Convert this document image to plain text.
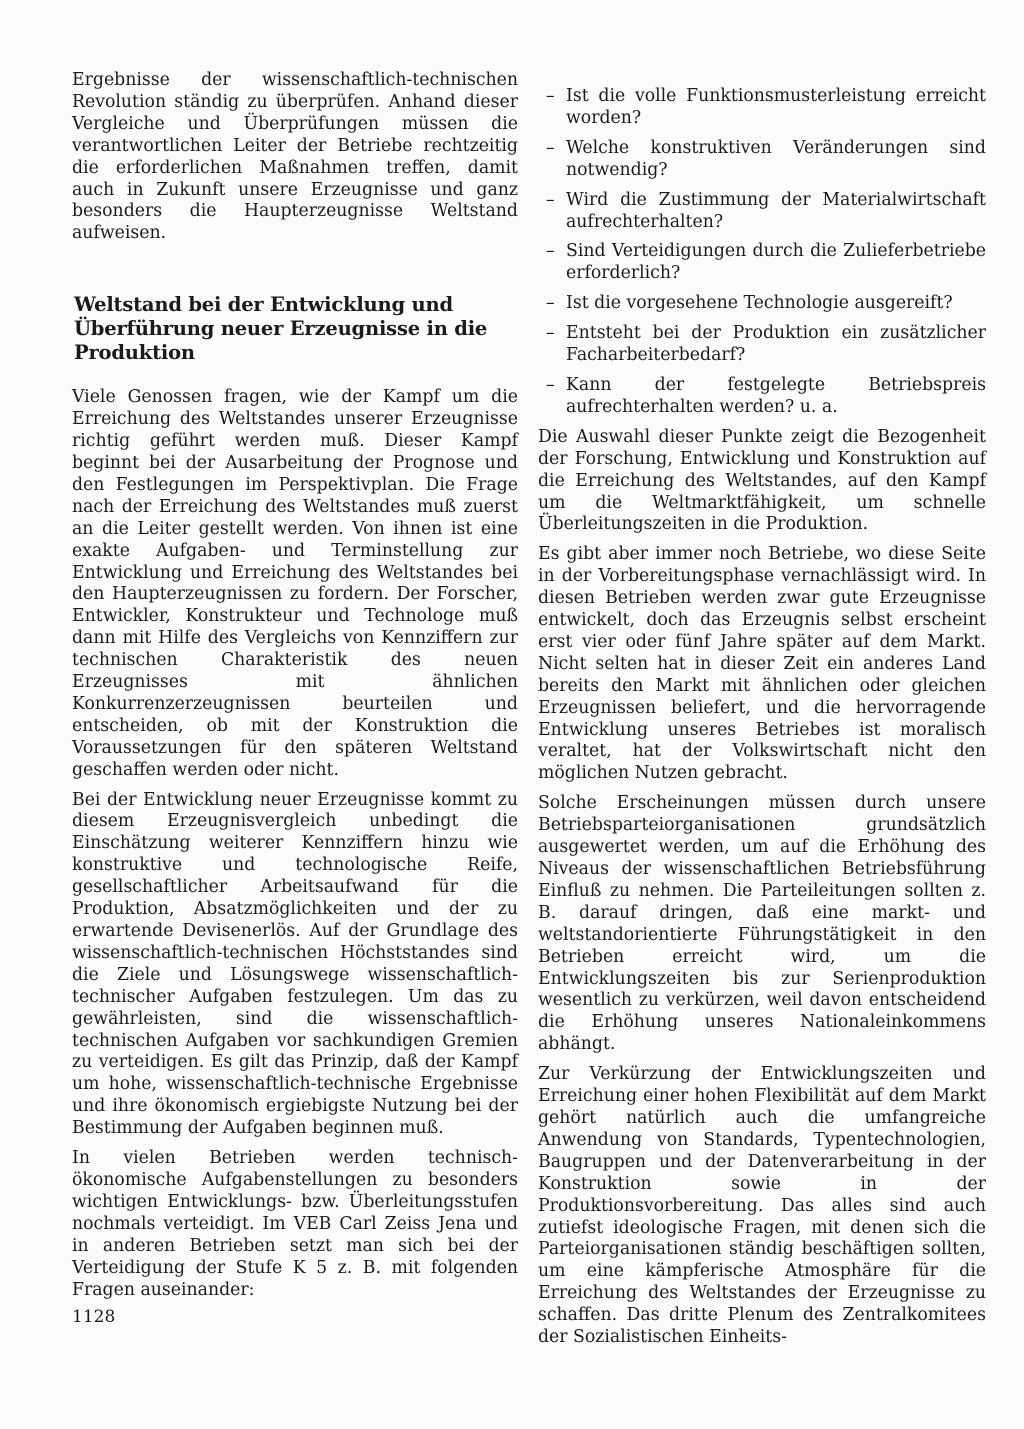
Ergebnisse der wissenschaftlich-technischen Revolution ständig zu überprüfen. Anhand dieser Vergleiche und Überprüfungen müssen die verantwortlichen Leiter der Betriebe rechtzeitig die erforderlichen Maßnahmen treffen, damit auch in Zukunft unsere Erzeugnisse und ganz besonders die Haupterzeugnisse Weltstand aufweisen.

Weltstand bei der Entwicklung und Überführung neuer Erzeugnisse in die Produktion

Viele Genossen fragen, wie der Kampf um die Erreichung des Weltstandes unserer Erzeugnisse richtig geführt werden muß. Dieser Kampf beginnt bei der Ausarbeitung der Prognose und den Festlegungen im Perspektivplan. Die Frage nach der Erreichung des Weltstandes muß zuerst an die Leiter gestellt werden. Von ihnen ist eine exakte Aufgaben- und Terminstellung zur Entwicklung und Erreichung des Weltstandes bei den Haupterzeugnissen zu fordern. Der Forscher, Entwickler, Konstrukteur und Technologe muß dann mit Hilfe des Vergleichs von Kennziffern zur technischen Charakteristik des neuen Erzeugnisses mit ähnlichen Konkurrenzerzeugnissen beurteilen und entscheiden, ob mit der Konstruktion die Voraussetzungen für den späteren Weltstand geschaffen werden oder nicht.

Bei der Entwicklung neuer Erzeugnisse kommt zu diesem Erzeugnisvergleich unbedingt die Einschätzung weiterer Kennziffern hinzu wie konstruktive und technologische Reife, gesellschaftlicher Arbeitsaufwand für die Produktion, Absatzmöglichkeiten und der zu erwartende Devisenerlös. Auf der Grundlage des wissenschaftlich-technischen Höchststandes sind die Ziele und Lösungswege wissenschaftlich-technischer Aufgaben festzulegen. Um das zu gewährleisten, sind die wissenschaftlich-technischen Aufgaben vor sachkundigen Gremien zu verteidigen. Es gilt das Prinzip, daß der Kampf um hohe, wissenschaftlich-technische Ergebnisse und ihre ökonomisch ergiebigste Nutzung bei der Bestimmung der Aufgaben beginnen muß.

In vielen Betrieben werden technisch-ökonomische Aufgabenstellungen zu besonders wichtigen Entwicklungs- bzw. Überleitungsstufen nochmals verteidigt. Im VEB Carl Zeiss Jena und in anderen Betrieben setzt man sich bei der Verteidigung der Stufe K 5 z. B. mit folgenden Fragen auseinander:

1128
– Ist die volle Funktionsmusterleistung erreicht worden?
– Welche konstruktiven Veränderungen sind notwendig?
– Wird die Zustimmung der Materialwirtschaft aufrechterhalten?
– Sind Verteidigungen durch die Zulieferbetriebe erforderlich?
– Ist die vorgesehene Technologie ausgereift?
– Entsteht bei der Produktion ein zusätzlicher Facharbeiterbedarf?
– Kann der festgelegte Betriebspreis aufrechterhalten werden? u. a.

Die Auswahl dieser Punkte zeigt die Bezogenheit der Forschung, Entwicklung und Konstruktion auf die Erreichung des Weltstandes, auf den Kampf um die Weltmarktfähigkeit, um schnelle Überleitungszeiten in die Produktion.

Es gibt aber immer noch Betriebe, wo diese Seite in der Vorbereitungsphase vernachlässigt wird. In diesen Betrieben werden zwar gute Erzeugnisse entwickelt, doch das Erzeugnis selbst erscheint erst vier oder fünf Jahre später auf dem Markt. Nicht selten hat in dieser Zeit ein anderes Land bereits den Markt mit ähnlichen oder gleichen Erzeugnissen beliefert, und die hervorragende Entwicklung unseres Betriebes ist moralisch veraltet, hat der Volkswirtschaft nicht den möglichen Nutzen gebracht.

Solche Erscheinungen müssen durch unsere Betriebsparteiorganisationen grundsätzlich ausgewertet werden, um auf die Erhöhung des Niveaus der wissenschaftlichen Betriebsführung Einfluß zu nehmen. Die Parteileitungen sollten z. B. darauf dringen, daß eine markt- und weltstandorientierte Führungstätigkeit in den Betrieben erreicht wird, um die Entwicklungszeiten bis zur Serienproduktion wesentlich zu verkürzen, weil davon entscheidend die Erhöhung unseres Nationaleinkommens abhängt.

Zur Verkürzung der Entwicklungszeiten und Erreichung einer hohen Flexibilität auf dem Markt gehört natürlich auch die umfangreiche Anwendung von Standards, Typentechnologien, Baugruppen und der Datenverarbeitung in der Konstruktion sowie in der Produktionsvorbereitung. Das alles sind auch zutiefst ideologische Fragen, mit denen sich die Parteiorganisationen ständig beschäftigen sollten, um eine kämpferische Atmosphäre für die Erreichung des Weltstandes der Erzeugnisse zu schaffen. Das dritte Plenum des Zentralkomitees der Sozialistischen Einheits-
